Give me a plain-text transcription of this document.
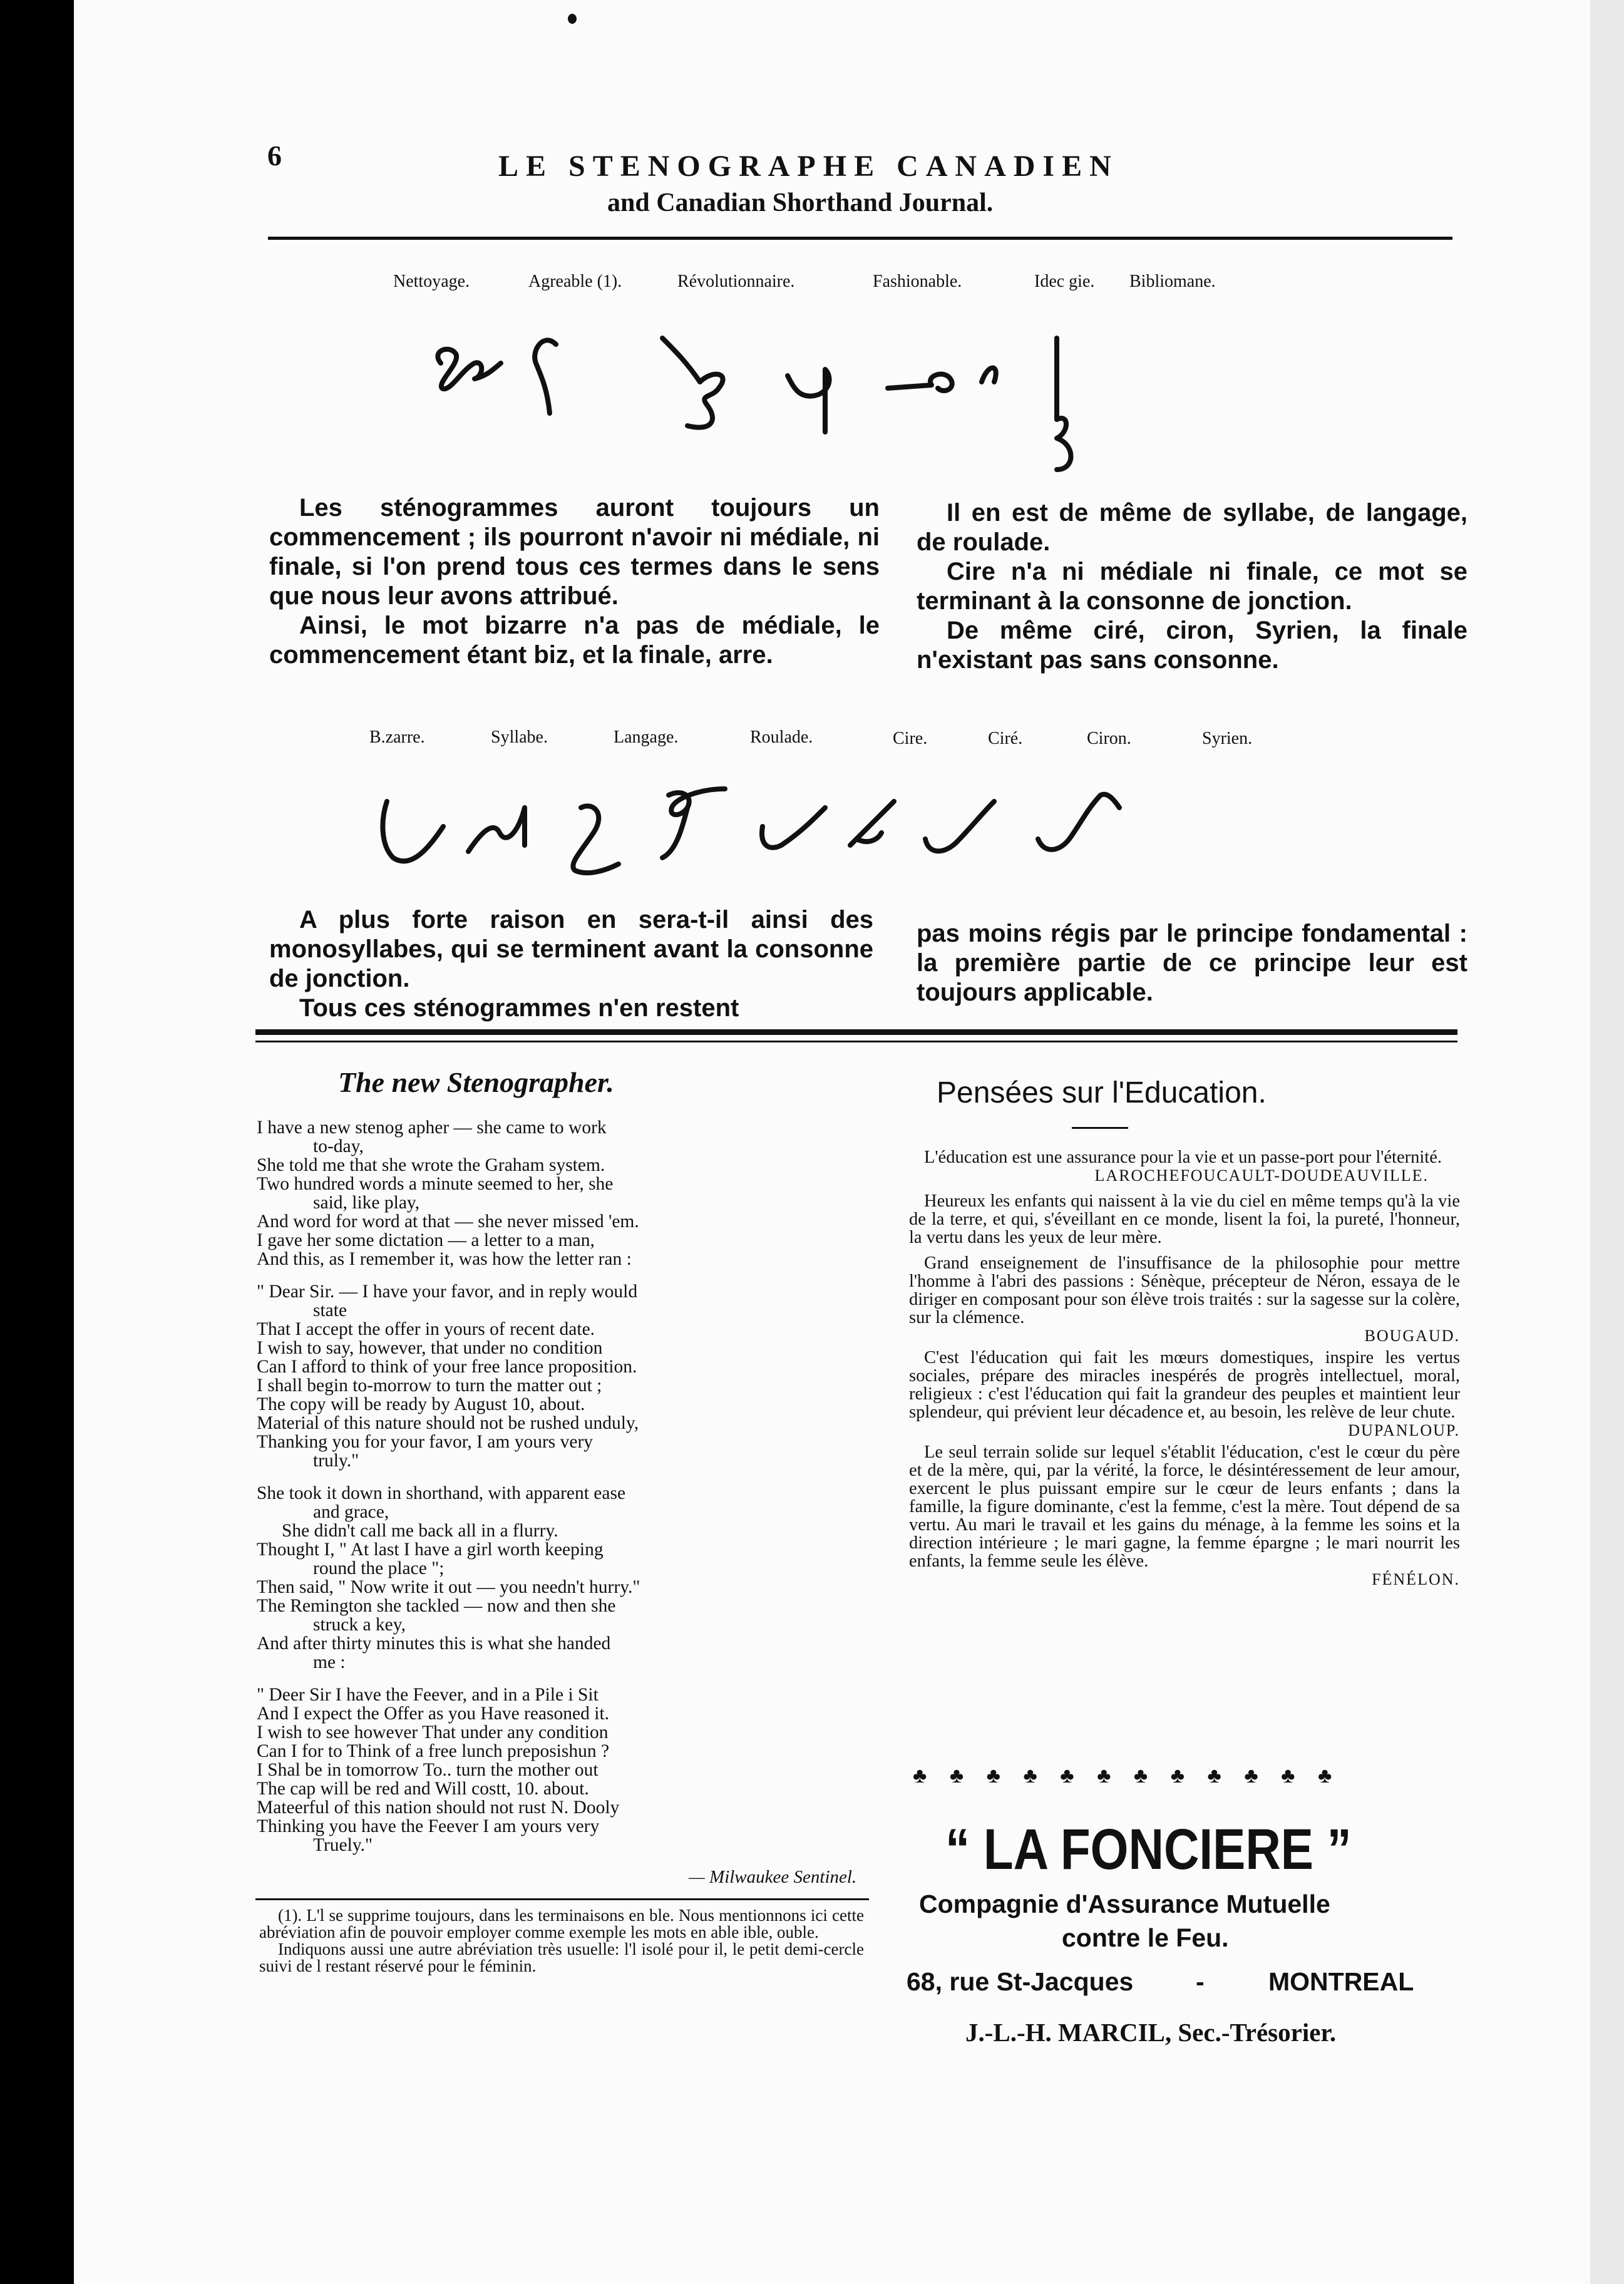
6	LE STENOGRAPHE CANADIEN
and Canadian Shorthand Journal.
Nettoyage.	Agreable (1).	Révolutionnaire.	Fashionable.	Idec gie. Bibliomane.

Les sténogrammes auront toujours un commencement ; ils pourront n'avoir ni médiale, ni finale, si l'on prend tous ces termes dans le sens que nous leur avons attribué.

Ainsi, le mot bizarre n'a pas de médiale, le commencement étant biz, et la finale, arre.

Il en est de même de syllabe, de langage, de roulade.

Cire n'a ni médiale ni finale, ce mot se terminant à la consonne de jonction.

De même ciré, ciron, Syrien, la finale n'existant pas sans consonne.

B.zarre.	Syllabe.	Langage.	Roulade.	Cire.	Ciré.	Ciron.	Syrien.

A plus forte raison en sera-t-il ainsi des monosyllabes, qui se terminent avant la consonne de jonction.

Tous ces sténogrammes n'en restent

pas moins régis par le principe fondamental : la première partie de ce principe leur est toujours applicable.

The new Stenographer.
I have a new stenog apher — she came to work
to-day,
She told me that she wrote the Graham system.
Two hundred words a minute seemed to her, she
said, like play,
And word for word at that — she never missed 'em.
I gave her some dictation — a letter to a man,
And this, as I remember it, was how the letter ran :
" Dear Sir. — I have your favor, and in reply would
state
That I accept the offer in yours of recent date.
I wish to say, however, that under no condition
Can I afford to think of your free lance proposition.
I shall begin to-morrow to turn the matter out ;
The copy will be ready by August 10, about.
Material of this nature should not be rushed unduly,
Thanking you for your favor, I am yours very
truly."
She took it down in shorthand, with apparent ease
and grace,
She didn't call me back all in a flurry.
Thought I, " At last I have a girl worth keeping
round the place ";
Then said, " Now write it out — you needn't hurry."
The Remington she tackled — now and then she
struck a key,
And after thirty minutes this is what she handed
me :
" Deer Sir I have the Feever, and in a Pile i Sit
And I expect the Offer as you Have reasoned it.
I wish to see however That under any condition
Can I for to Think of a free lunch preposishun ?
I Shal be in tomorrow To.. turn the mother out
The cap will be red and Will costt, 10. about.
Mateerful of this nation should not rust N. Dooly
Thinking you have the Feever I am yours very
Truely."
— Milwaukee Sentinel.

(1). L'l se supprime toujours, dans les terminaisons en ble. Nous mentionnons ici cette abréviation afin de pouvoir employer comme exemple les mots en able ible, ouble.

Indiquons aussi une autre abréviation très usuelle: l'l isolé pour il, le petit demi-cercle suivi de l restant réservé pour le féminin.

Pensées sur l'Education.

L'éducation est une assurance pour la vie et un passe-port pour l'éternité.

LAROCHEFOUCAULT-DOUDEAUVILLE.

Heureux les enfants qui naissent à la vie du ciel en même temps qu'à la vie de la terre, et qui, s'éveillant en ce monde, lisent la foi, la pureté, l'honneur, la vertu dans les yeux de leur mère.

Grand enseignement de l'insuffisance de la philosophie pour mettre l'homme à l'abri des passions : Sénèque, précepteur de Néron, essaya de le diriger en composant pour son élève trois traités : sur la sagesse sur la colère, sur la clémence.

BOUGAUD.

C'est l'éducation qui fait les mœurs domestiques, inspire les vertus sociales, prépare des miracles inespérés de progrès intellectuel, moral, religieux : c'est l'éducation qui fait la grandeur des peuples et maintient leur splendeur, qui prévient leur décadence et, au besoin, les relève de leur chute.

DUPANLOUP.

Le seul terrain solide sur lequel s'établit l'éducation, c'est le cœur du père et de la mère, qui, par la vérité, la force, le désintéressement de leur amour, exercent le plus puissant empire sur le cœur de leurs enfants ; dans la famille, la figure dominante, c'est la femme, c'est la mère. Tout dépend de sa vertu. Au mari le travail et les gains du ménage, à la femme les soins et la direction intérieure ; le mari gagne, la femme épargne ; le mari nourrit les enfants, la femme seule les élève.

FÉNÉLON.
♣ ♣ ♣ ♣ ♣ ♣ ♣ ♣ ♣ ♣ ♣ ♣
“ LA FONCIERE ”
Compagnie d'Assurance Mutuelle
contre le Feu.
68, rue St-Jacques - MONTREAL
J.-L.-H. MARCIL, Sec.-Trésorier.
